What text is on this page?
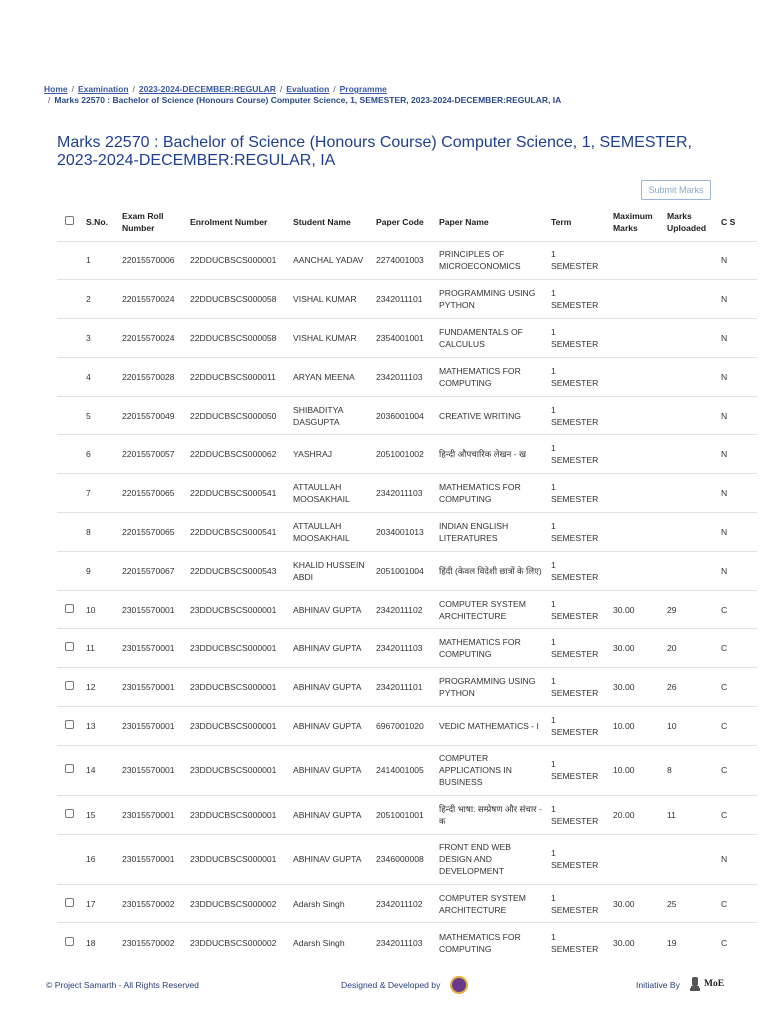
Home / Examination / 2023-2024-DECEMBER:REGULAR / Evaluation / Programme
/ Marks 22570 : Bachelor of Science (Honours Course) Computer Science, 1, SEMESTER, 2023-2024-DECEMBER:REGULAR, IA
Marks 22570 : Bachelor of Science (Honours Course) Computer Science, 1, SEMESTER, 2023-2024-DECEMBER:REGULAR, IA
Submit Marks
	S.No.	Exam Roll Number	Enrolment Number	Student Name	Paper Code	Paper Name	Term	Maximum Marks	Marks Uploaded	C S
	1	22015570006	22DDUCBSCS000001	AANCHAL YADAV	2274001003	PRINCIPLES OF MICROECONOMICS	1 SEMESTER			N
	2	22015570024	22DDUCBSCS000058	VISHAL KUMAR	2342011101	PROGRAMMING USING PYTHON	1 SEMESTER			N
	3	22015570024	22DDUCBSCS000058	VISHAL KUMAR	2354001001	FUNDAMENTALS OF CALCULUS	1 SEMESTER			N
	4	22015570028	22DDUCBSCS000011	ARYAN MEENA	2342011103	MATHEMATICS FOR COMPUTING	1 SEMESTER			N
	5	22015570049	22DDUCBSCS000050	SHIBADITYA DASGUPTA	2036001004	CREATIVE WRITING	1 SEMESTER			N
	6	22015570057	22DDUCBSCS000062	YASHRAJ	2051001002	हिन्दी औपचारिक लेखन - ख	1 SEMESTER			N
	7	22015570065	22DDUCBSCS000541	ATTAULLAH MOOSAKHAIL	2342011103	MATHEMATICS FOR COMPUTING	1 SEMESTER			N
	8	22015570065	22DDUCBSCS000541	ATTAULLAH MOOSAKHAIL	2034001013	INDIAN ENGLISH LITERATURES	1 SEMESTER			N
	9	22015570067	22DDUCBSCS000543	KHALID HUSSEIN ABDI	2051001004	हिंदी (केवल विदेशी छात्रों के लिए)	1 SEMESTER			N
	10	23015570001	23DDUCBSCS000001	ABHINAV GUPTA	2342011102	COMPUTER SYSTEM ARCHITECTURE	1 SEMESTER	30.00	29	C
	11	23015570001	23DDUCBSCS000001	ABHINAV GUPTA	2342011103	MATHEMATICS FOR COMPUTING	1 SEMESTER	30.00	20	C
	12	23015570001	23DDUCBSCS000001	ABHINAV GUPTA	2342011101	PROGRAMMING USING PYTHON	1 SEMESTER	30.00	26	C
	13	23015570001	23DDUCBSCS000001	ABHINAV GUPTA	6967001020	VEDIC MATHEMATICS - I	1 SEMESTER	10.00	10	C
	14	23015570001	23DDUCBSCS000001	ABHINAV GUPTA	2414001005	COMPUTER APPLICATIONS IN BUSINESS	1 SEMESTER	10.00	8	C
	15	23015570001	23DDUCBSCS000001	ABHINAV GUPTA	2051001001	हिन्दी भाषा: सम्प्रेषण और संचार - क	1 SEMESTER	20.00	11	C
	16	23015570001	23DDUCBSCS000001	ABHINAV GUPTA	2346000008	FRONT END WEB DESIGN AND DEVELOPMENT	1 SEMESTER			N
	17	23015570002	23DDUCBSCS000002	Adarsh Singh	2342011102	COMPUTER SYSTEM ARCHITECTURE	1 SEMESTER	30.00	25	C
	18	23015570002	23DDUCBSCS000002	Adarsh Singh	2342011103	MATHEMATICS FOR COMPUTING	1 SEMESTER	30.00	19	C
© Project Samarth - All Rights Reserved	Designed & Developed by	Initiative By	MoE
